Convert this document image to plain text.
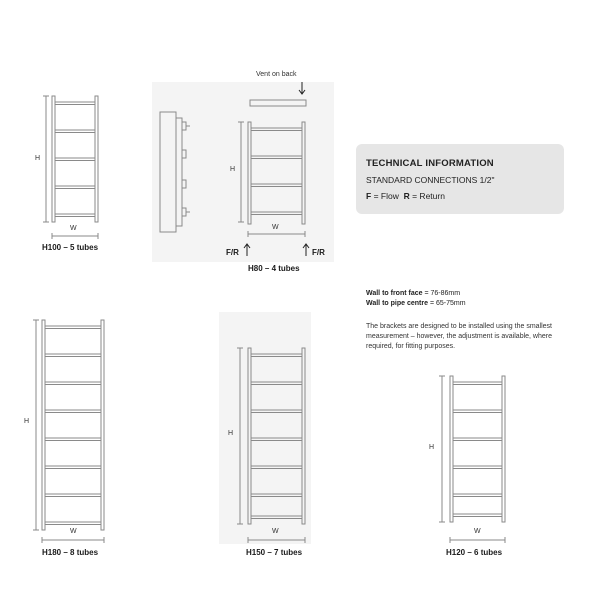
H
W
H100 – 5 tubes
Vent on back
H
W
F/R	F/R
H80 – 4 tubes
TECHNICAL INFORMATION
STANDARD CONNECTIONS 1/2"
F = Flow R = Return
Wall to front face = 76-86mm
Wall to pipe centre = 65-75mm
The brackets are designed to be installed using the smallest measurement – however, the adjustment is available, where required, for fitting purposes.
H
W
H180 – 8 tubes
H
W
H150 – 7 tubes
H
W
H120 – 6 tubes
